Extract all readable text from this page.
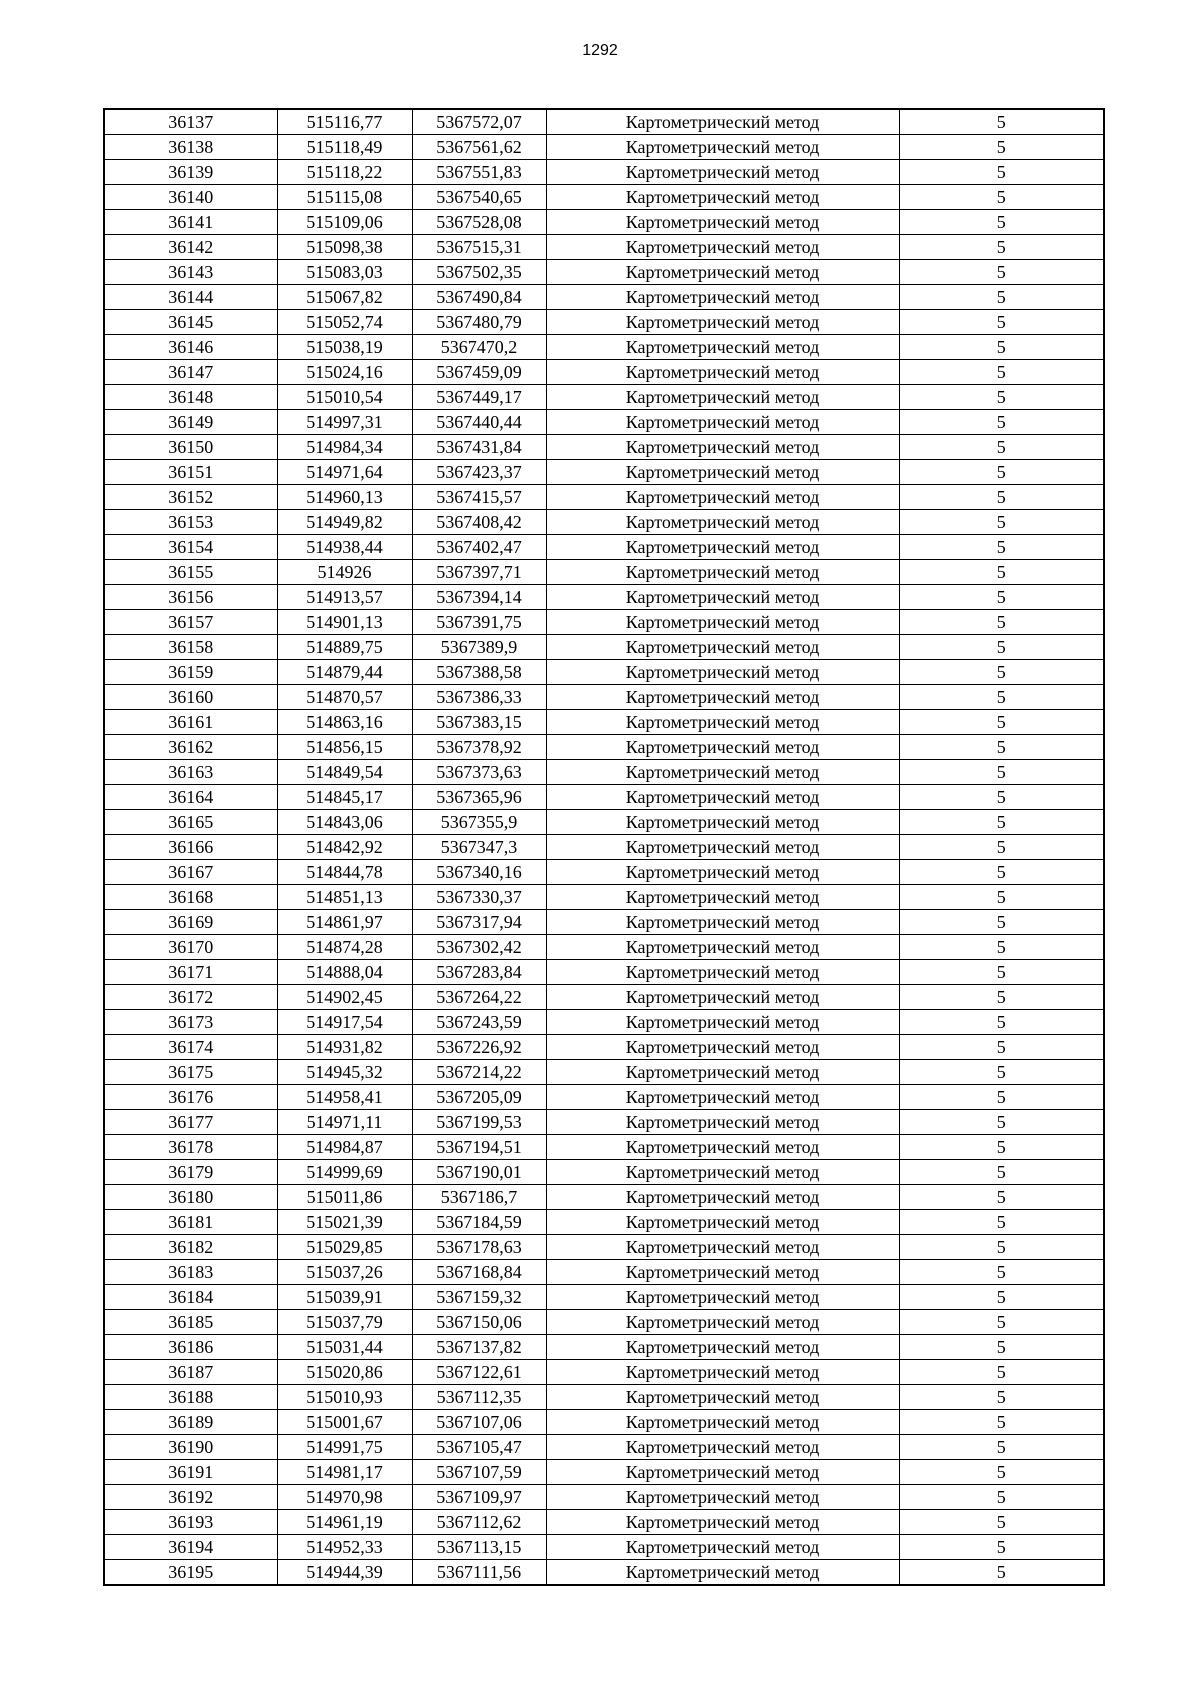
1292
36137	515116,77	5367572,07	Картометрический метод	5
36138	515118,49	5367561,62	Картометрический метод	5
36139	515118,22	5367551,83	Картометрический метод	5
36140	515115,08	5367540,65	Картометрический метод	5
36141	515109,06	5367528,08	Картометрический метод	5
36142	515098,38	5367515,31	Картометрический метод	5
36143	515083,03	5367502,35	Картометрический метод	5
36144	515067,82	5367490,84	Картометрический метод	5
36145	515052,74	5367480,79	Картометрический метод	5
36146	515038,19	5367470,2	Картометрический метод	5
36147	515024,16	5367459,09	Картометрический метод	5
36148	515010,54	5367449,17	Картометрический метод	5
36149	514997,31	5367440,44	Картометрический метод	5
36150	514984,34	5367431,84	Картометрический метод	5
36151	514971,64	5367423,37	Картометрический метод	5
36152	514960,13	5367415,57	Картометрический метод	5
36153	514949,82	5367408,42	Картометрический метод	5
36154	514938,44	5367402,47	Картометрический метод	5
36155	514926	5367397,71	Картометрический метод	5
36156	514913,57	5367394,14	Картометрический метод	5
36157	514901,13	5367391,75	Картометрический метод	5
36158	514889,75	5367389,9	Картометрический метод	5
36159	514879,44	5367388,58	Картометрический метод	5
36160	514870,57	5367386,33	Картометрический метод	5
36161	514863,16	5367383,15	Картометрический метод	5
36162	514856,15	5367378,92	Картометрический метод	5
36163	514849,54	5367373,63	Картометрический метод	5
36164	514845,17	5367365,96	Картометрический метод	5
36165	514843,06	5367355,9	Картометрический метод	5
36166	514842,92	5367347,3	Картометрический метод	5
36167	514844,78	5367340,16	Картометрический метод	5
36168	514851,13	5367330,37	Картометрический метод	5
36169	514861,97	5367317,94	Картометрический метод	5
36170	514874,28	5367302,42	Картометрический метод	5
36171	514888,04	5367283,84	Картометрический метод	5
36172	514902,45	5367264,22	Картометрический метод	5
36173	514917,54	5367243,59	Картометрический метод	5
36174	514931,82	5367226,92	Картометрический метод	5
36175	514945,32	5367214,22	Картометрический метод	5
36176	514958,41	5367205,09	Картометрический метод	5
36177	514971,11	5367199,53	Картометрический метод	5
36178	514984,87	5367194,51	Картометрический метод	5
36179	514999,69	5367190,01	Картометрический метод	5
36180	515011,86	5367186,7	Картометрический метод	5
36181	515021,39	5367184,59	Картометрический метод	5
36182	515029,85	5367178,63	Картометрический метод	5
36183	515037,26	5367168,84	Картометрический метод	5
36184	515039,91	5367159,32	Картометрический метод	5
36185	515037,79	5367150,06	Картометрический метод	5
36186	515031,44	5367137,82	Картометрический метод	5
36187	515020,86	5367122,61	Картометрический метод	5
36188	515010,93	5367112,35	Картометрический метод	5
36189	515001,67	5367107,06	Картометрический метод	5
36190	514991,75	5367105,47	Картометрический метод	5
36191	514981,17	5367107,59	Картометрический метод	5
36192	514970,98	5367109,97	Картометрический метод	5
36193	514961,19	5367112,62	Картометрический метод	5
36194	514952,33	5367113,15	Картометрический метод	5
36195	514944,39	5367111,56	Картометрический метод	5
